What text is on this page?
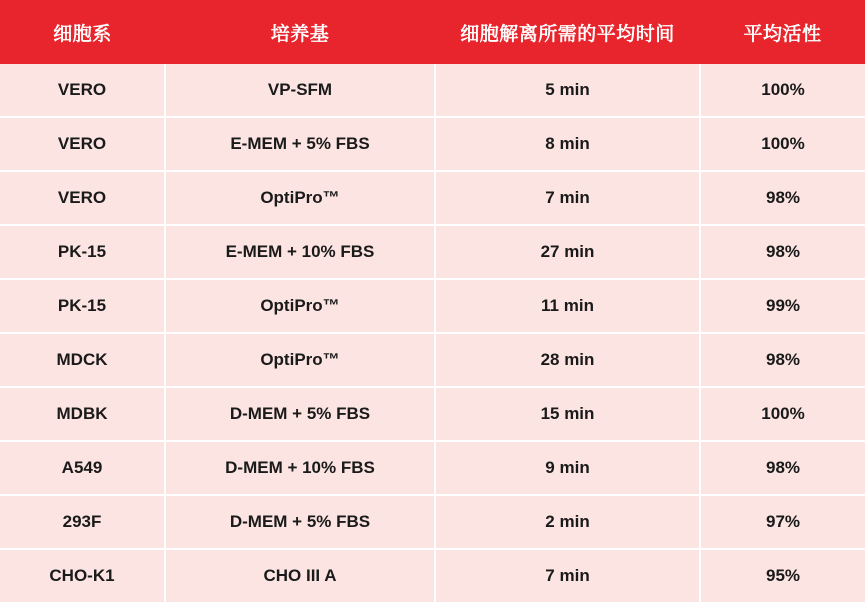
细胞系	培养基	细胞解离所需的平均时间	平均活性
VERO	VP-SFM	5 min	100%
VERO	E-MEM + 5% FBS	8 min	100%
VERO	OptiPro™	7 min	98%
PK-15	E-MEM + 10% FBS	27 min	98%
PK-15	OptiPro™	11 min	99%
MDCK	OptiPro™	28 min	98%
MDBK	D-MEM + 5% FBS	15 min	100%
A549	D-MEM + 10% FBS	9 min	98%
293F	D-MEM + 5% FBS	2 min	97%
CHO-K1	CHO III A	7 min	95%
